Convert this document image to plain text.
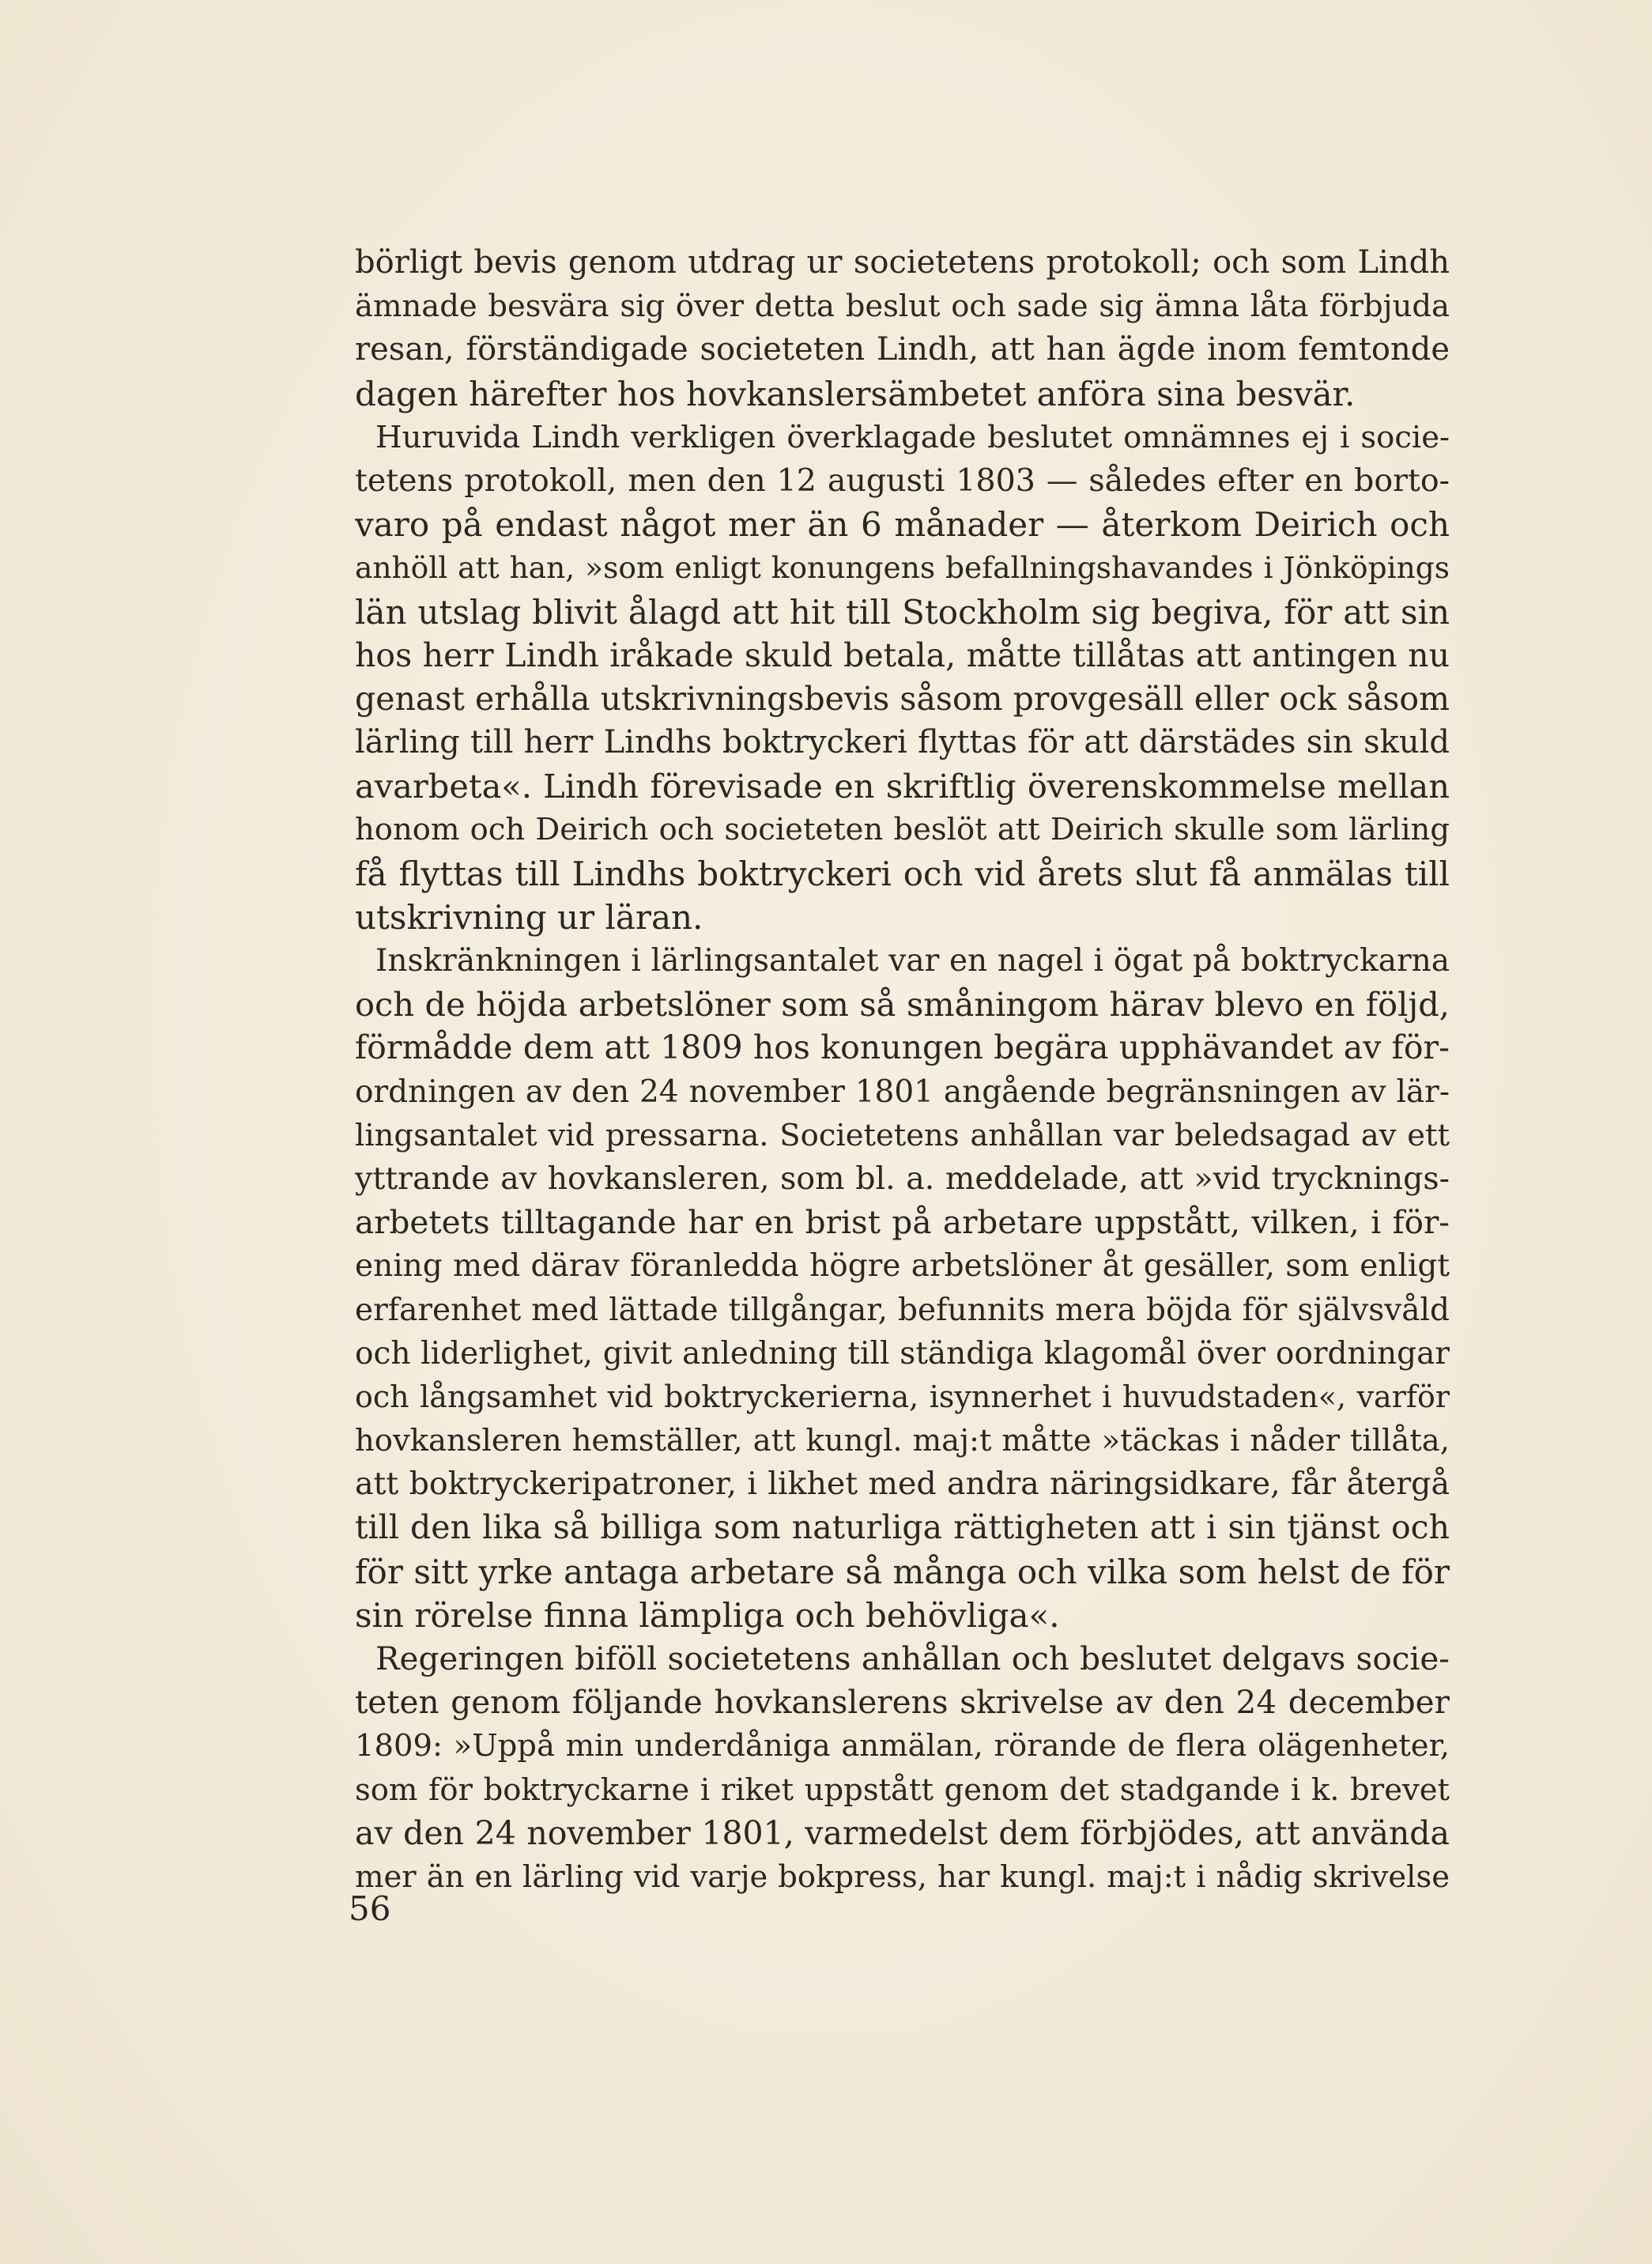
börligt bevis genom utdrag ur societetens protokoll; och som Lindh
ämnade besvära sig över detta beslut och sade sig ämna låta förbjuda
resan, förständigade societeten Lindh, att han ägde inom femtonde
dagen härefter hos hovkanslersämbetet anföra sina besvär.
Huruvida Lindh verkligen överklagade beslutet omnämnes ej i socie-
tetens protokoll, men den 12 augusti 1803 — således efter en borto-
varo på endast något mer än 6 månader — återkom Deirich och
anhöll att han, »som enligt konungens befallningshavandes i Jönköpings
län utslag blivit ålagd att hit till Stockholm sig begiva, för att sin
hos herr Lindh iråkade skuld betala, måtte tillåtas att antingen nu
genast erhålla utskrivningsbevis såsom provgesäll eller ock såsom
lärling till herr Lindhs boktryckeri flyttas för att därstädes sin skuld
avarbeta«. Lindh förevisade en skriftlig överenskommelse mellan
honom och Deirich och societeten beslöt att Deirich skulle som lärling
få flyttas till Lindhs boktryckeri och vid årets slut få anmälas till
utskrivning ur läran.
Inskränkningen i lärlingsantalet var en nagel i ögat på boktryckarna
och de höjda arbetslöner som så småningom härav blevo en följd,
förmådde dem att 1809 hos konungen begära upphävandet av för-
ordningen av den 24 november 1801 angående begränsningen av lär-
lingsantalet vid pressarna. Societetens anhållan var beledsagad av ett
yttrande av hovkansleren, som bl. a. meddelade, att »vid trycknings-
arbetets tilltagande har en brist på arbetare uppstått, vilken, i för-
ening med därav föranledda högre arbetslöner åt gesäller, som enligt
erfarenhet med lättade tillgångar, befunnits mera böjda för självsvåld
och liderlighet, givit anledning till ständiga klagomål över oordningar
och långsamhet vid boktryckerierna, isynnerhet i huvudstaden«, varför
hovkansleren hemställer, att kungl. maj:t måtte »täckas i nåder tillåta,
att boktryckeripatroner, i likhet med andra näringsidkare, får återgå
till den lika så billiga som naturliga rättigheten att i sin tjänst och
för sitt yrke antaga arbetare så många och vilka som helst de för
sin rörelse finna lämpliga och behövliga«.
Regeringen biföll societetens anhållan och beslutet delgavs socie-
teten genom följande hovkanslerens skrivelse av den 24 december
1809: »Uppå min underdåniga anmälan, rörande de flera olägenheter,
som för boktryckarne i riket uppstått genom det stadgande i k. brevet
av den 24 november 1801, varmedelst dem förbjödes, att använda
mer än en lärling vid varje bokpress, har kungl. maj:t i nådig skrivelse
56
